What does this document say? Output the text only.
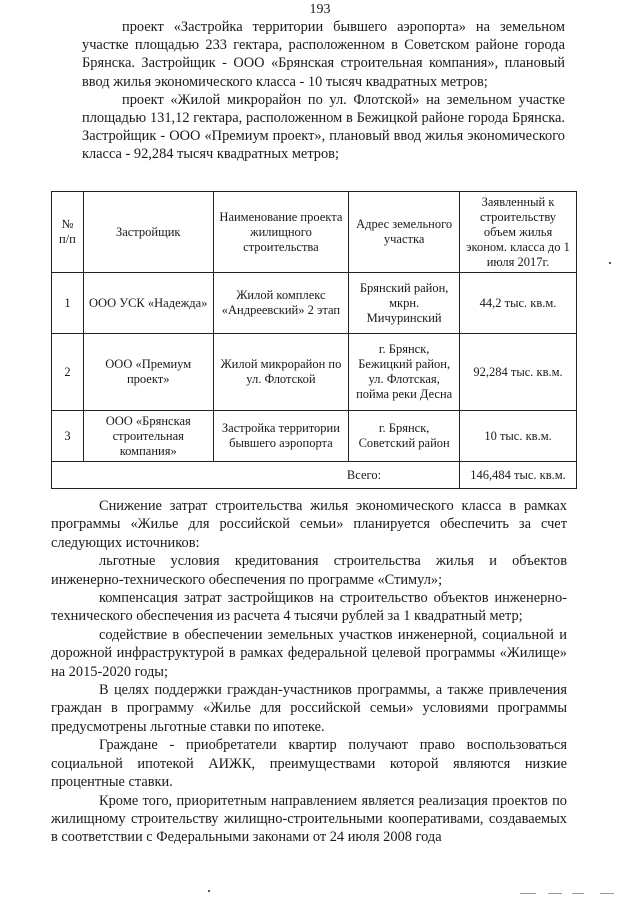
193

проект «Застройка территории бывшего аэропорта» на земельном участке площадью 233 гектара, расположенном в Советском районе города Брянска. Застройщик - ООО «Брянская строительная компания», плановый ввод жилья экономического класса - 10 тысяч квадратных метров;

проект «Жилой микрорайон по ул. Флотской» на земельном участке площадью 131,12 гектара, расположенном в Бежицкой районе города Брянска. Застройщик - ООО «Премиум проект», плановый ввод жилья экономического класса - 92,284 тысяч квадратных метров;

№ п/п	Застройщик	Наименование проекта жилищного строительства	Адрес земельного участка	Заявленный к строительству объем жилья эконом. класса до 1 июля 2017г.
1	ООО УСК «Надежда»	Жилой комплекс «Андреевский» 2 этап	Брянский район, мкрн. Мичуринский	44,2 тыс. кв.м.
2	ООО «Премиум проект»	Жилой микрорайон по ул. Флотской	г. Брянск, Бежицкий район, ул. Флотская, пойма реки Десна	92,284 тыс. кв.м.
3	ООО «Брянская строительная компания»	Застройка территории бывшего аэропорта	г. Брянск, Советский район	10 тыс. кв.м.
Всего:				146,484 тыс. кв.м.

Снижение затрат строительства жилья экономического класса в рамках программы «Жилье для российской семьи» планируется обеспечить за счет следующих источников:

льготные условия кредитования строительства жилья и объектов инженерно-технического обеспечения по программе «Стимул»;

компенсация затрат застройщиков на строительство объектов инженерно-технического обеспечения из расчета 4 тысячи рублей за 1 квадратный метр;

содействие в обеспечении земельных участков инженерной, социальной и дорожной инфраструктурой в рамках федеральной целевой программы «Жилище» на 2015-2020 годы;

В целях поддержки граждан-участников программы, а также привлечения граждан в программу «Жилье для российской семьи» условиями программы предусмотрены льготные ставки по ипотеке.

Граждане - приобретатели квартир получают право воспользоваться социальной ипотекой АИЖК, преимуществами которой являются низкие процентные ставки.

Кроме того, приоритетным направлением является реализация проектов по жилищному строительству жилищно-строительными кооперативами, создаваемых в соответствии с Федеральными законами от 24 июля 2008 года
